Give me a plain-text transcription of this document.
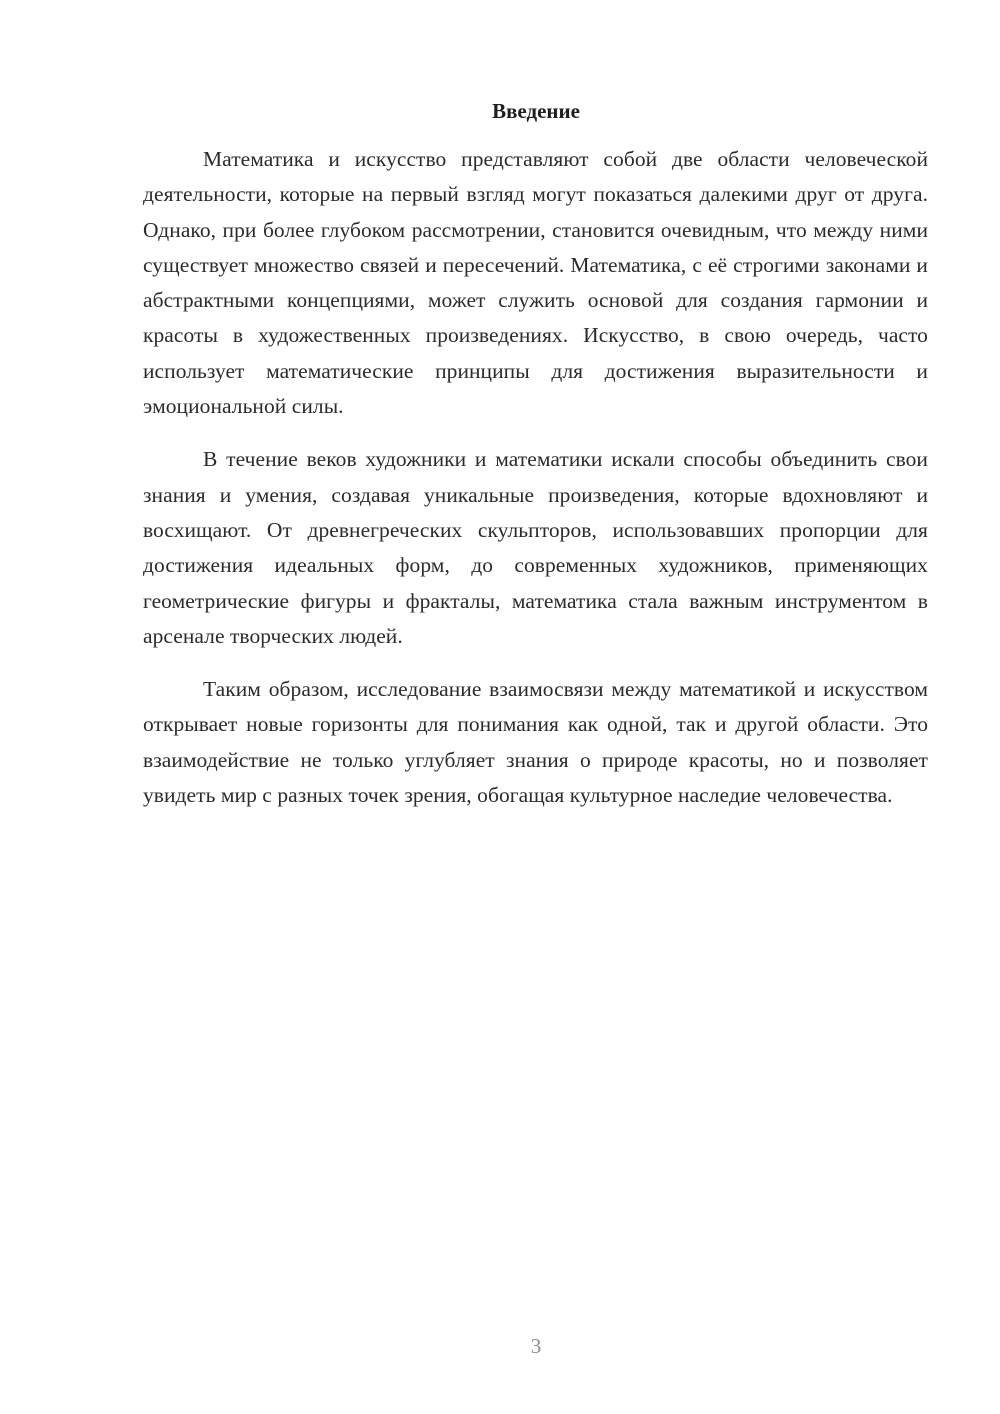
Введение

Математика и искусство представляют собой две области человеческой деятельности, которые на первый взгляд могут показаться далекими друг от друга. Однако, при более глубоком рассмотрении, становится очевидным, что между ними существует множество связей и пересечений. Математика, с её строгими законами и абстрактными концепциями, может служить основой для создания гармонии и красоты в художественных произведениях. Искусство, в свою очередь, часто использует математические принципы для достижения выразительности и эмоциональной силы.

В течение веков художники и математики искали способы объединить свои знания и умения, создавая уникальные произведения, которые вдохновляют и восхищают. От древнегреческих скульпторов, использовавших пропорции для достижения идеальных форм, до современных художников, применяющих геометрические фигуры и фракталы, математика стала важным инструментом в арсенале творческих людей.

Таким образом, исследование взаимосвязи между математикой и искусством открывает новые горизонты для понимания как одной, так и другой области. Это взаимодействие не только углубляет знания о природе красоты, но и позволяет увидеть мир с разных точек зрения, обогащая культурное наследие человечества.

3
